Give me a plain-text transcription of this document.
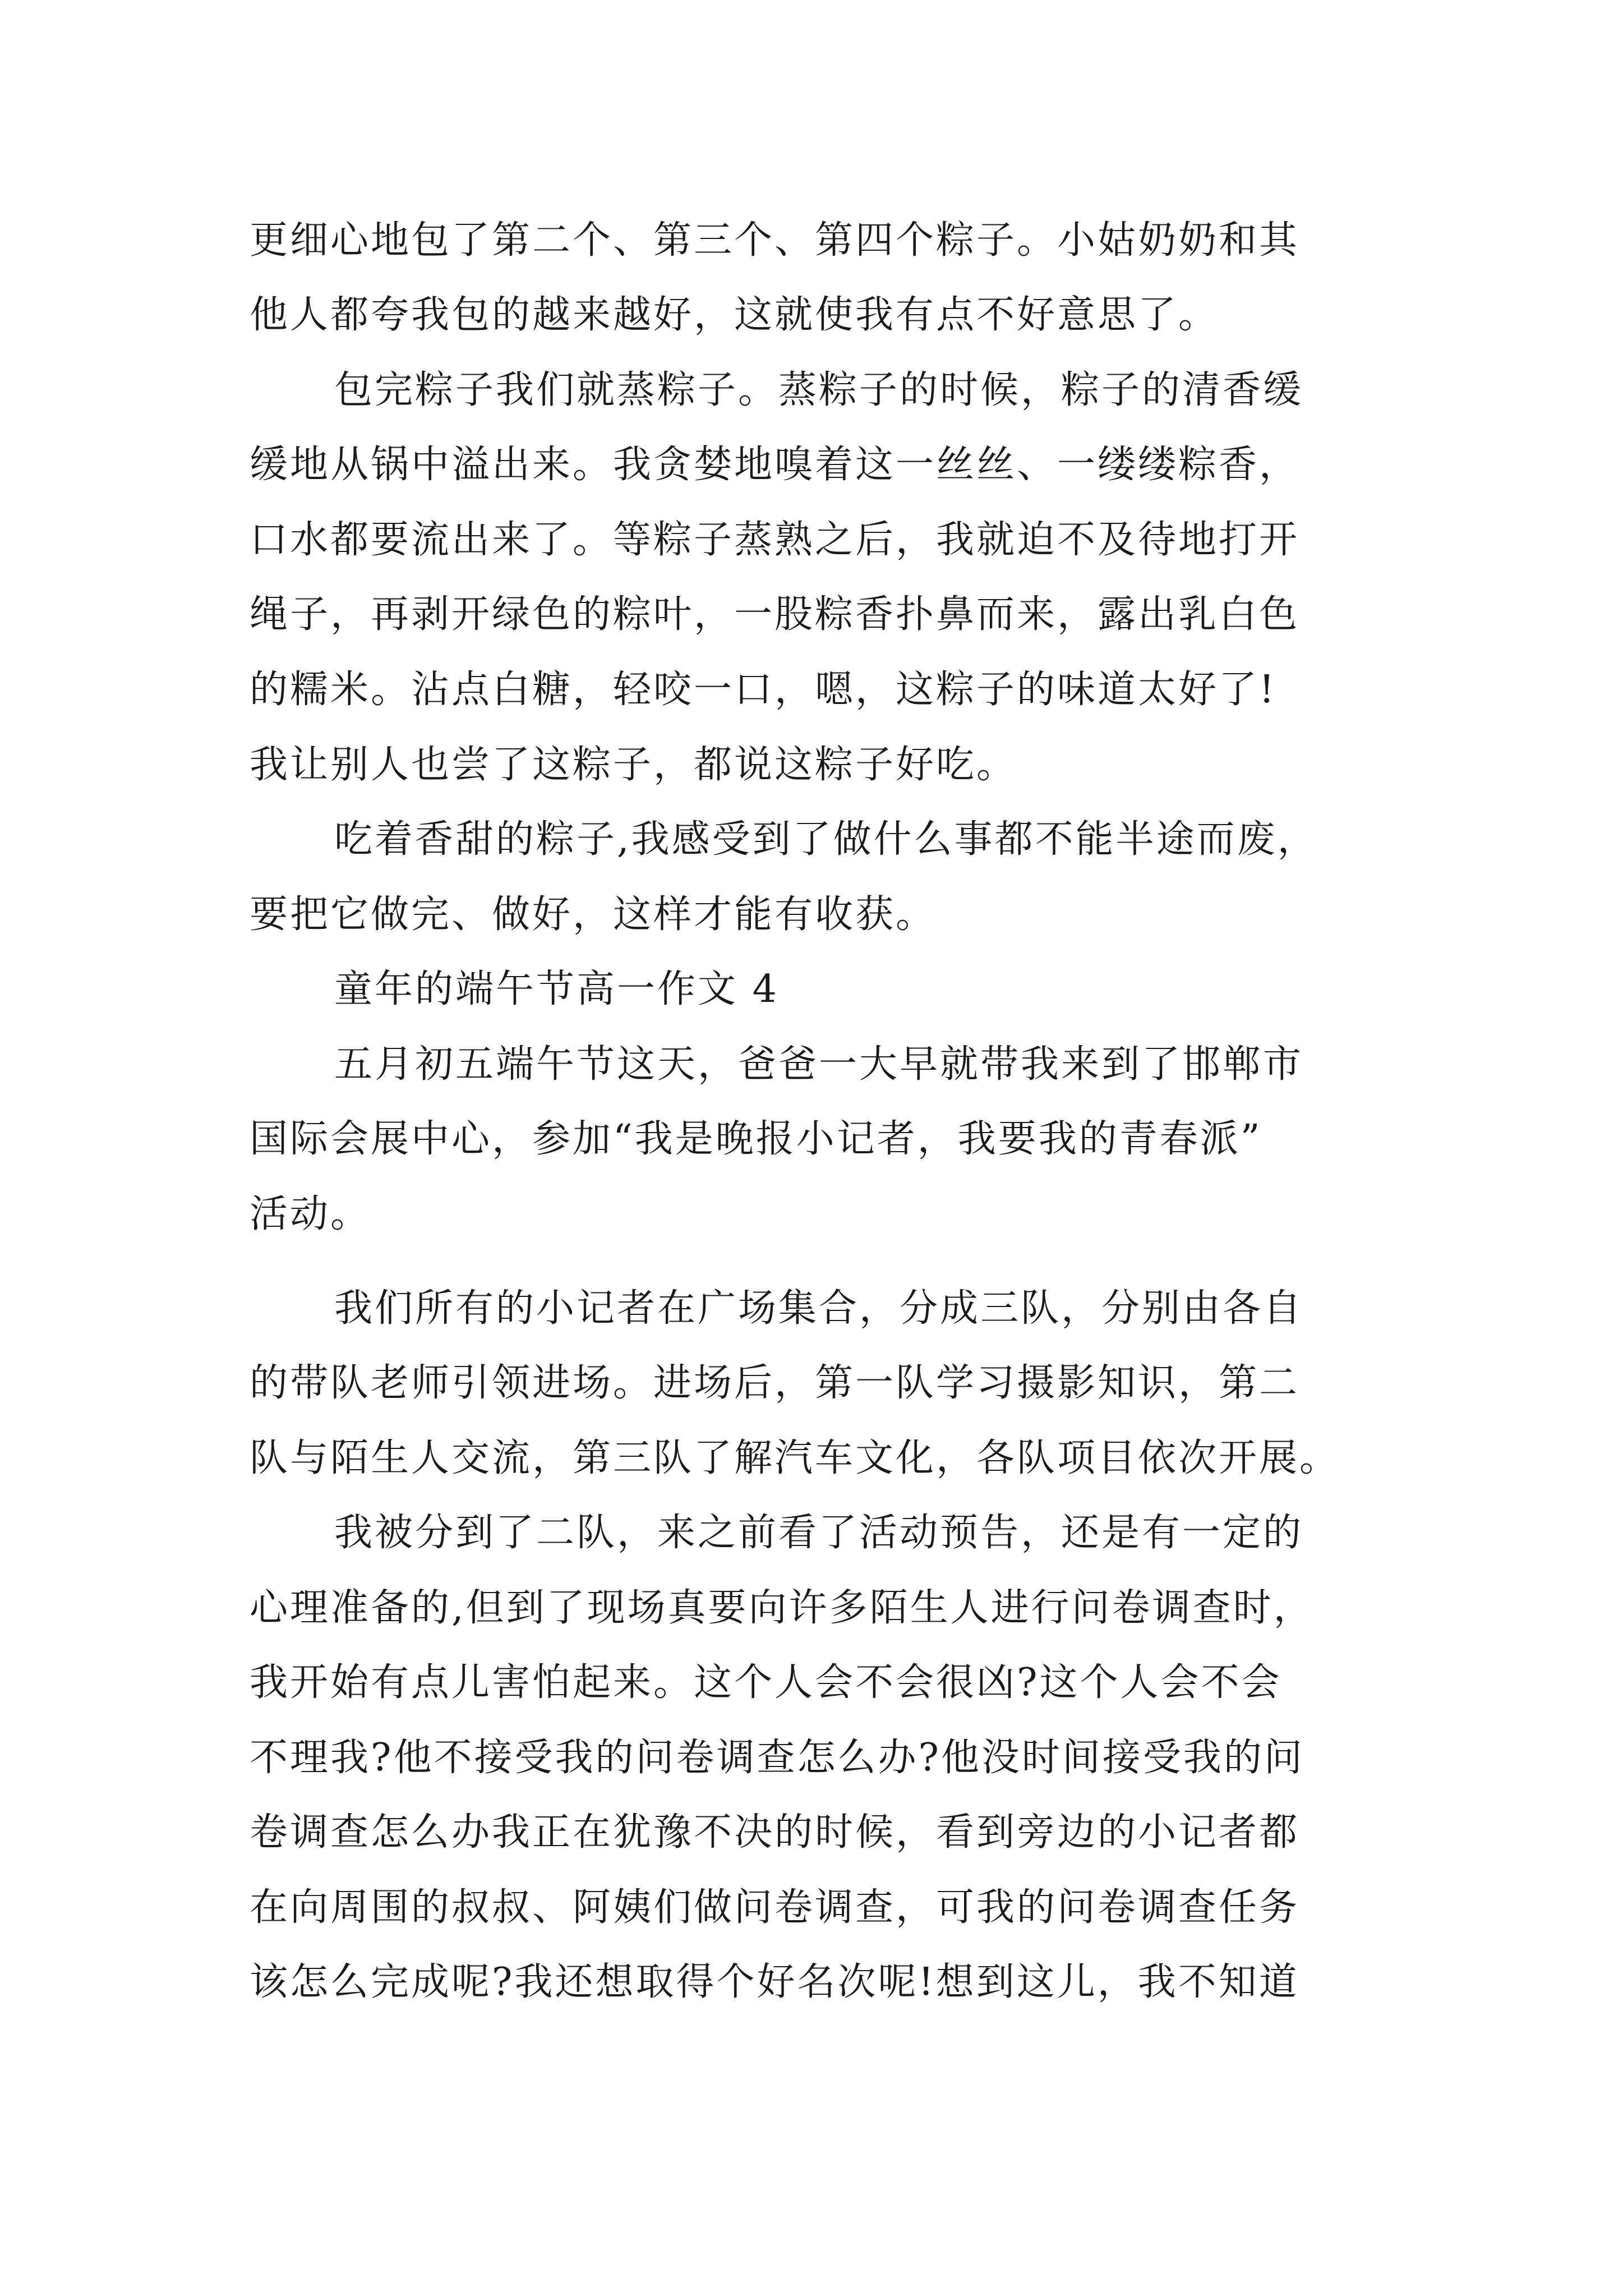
更细心地包了第二个、第三个、第四个粽子。小姑奶奶和其
他人都夸我包的越来越好，这就使我有点不好意思了。
包完粽子我们就蒸粽子。蒸粽子的时候，粽子的清香缓
缓地从锅中溢出来。我贪婪地嗅着这一丝丝、一缕缕粽香，
口水都要流出来了。等粽子蒸熟之后，我就迫不及待地打开
绳子，再剥开绿色的粽叶，一股粽香扑鼻而来，露出乳白色
的糯米。沾点白糖，轻咬一口，嗯，这粽子的味道太好了!
我让别人也尝了这粽子，都说这粽子好吃。
吃着香甜的粽子,我感受到了做什么事都不能半途而废，
要把它做完、做好，这样才能有收获。
童年的端午节高一作文 4
五月初五端午节这天，爸爸一大早就带我来到了邯郸市
国际会展中心，参加“我是晚报小记者，我要我的青春派”
活动。
我们所有的小记者在广场集合，分成三队，分别由各自
的带队老师引领进场。进场后，第一队学习摄影知识，第二
队与陌生人交流，第三队了解汽车文化，各队项目依次开展。
我被分到了二队，来之前看了活动预告，还是有一定的
心理准备的,但到了现场真要向许多陌生人进行问卷调查时，
我开始有点儿害怕起来。这个人会不会很凶?这个人会不会
不理我?他不接受我的问卷调查怎么办?他没时间接受我的问
卷调查怎么办我正在犹豫不决的时候，看到旁边的小记者都
在向周围的叔叔、阿姨们做问卷调查，可我的问卷调查任务
该怎么完成呢?我还想取得个好名次呢!想到这儿，我不知道
